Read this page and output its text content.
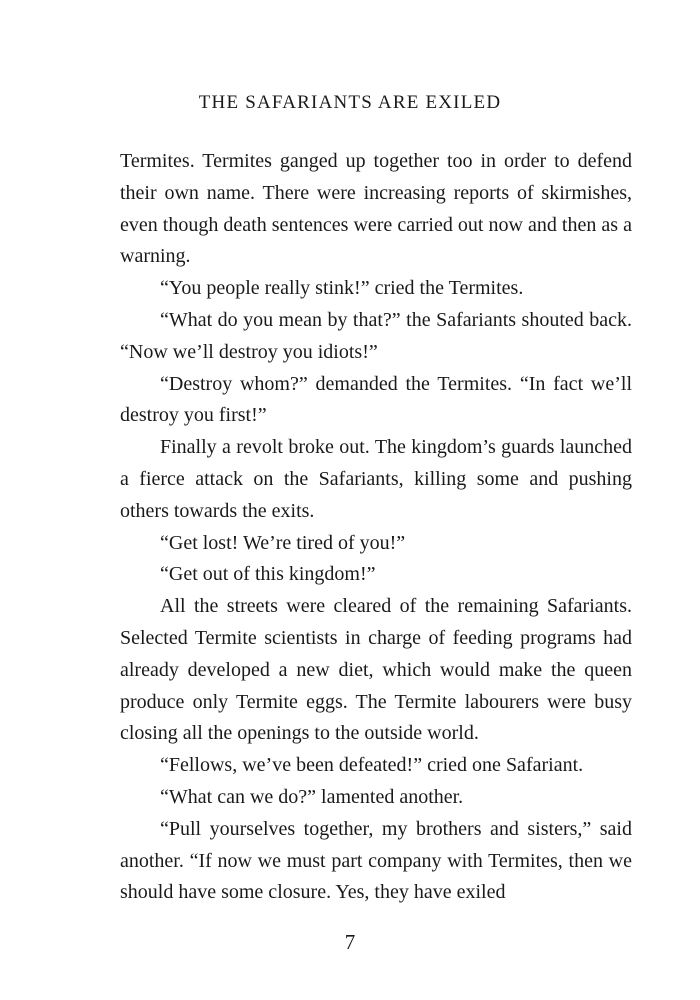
THE SAFARIANTS ARE EXILED

Termites. Termites ganged up together too in order to defend their own name. There were increasing reports of skirmishes, even though death sentences were carried out now and then as a warning.

“You people really stink!” cried the Termites.

“What do you mean by that?” the Safariants shouted back. “Now we’ll destroy you idiots!”

“Destroy whom?” demanded the Termites. “In fact we’ll destroy you first!”

Finally a revolt broke out. The kingdom’s guards launched a fierce attack on the Safariants, killing some and pushing others towards the exits.

“Get lost! We’re tired of you!”

“Get out of this kingdom!”

All the streets were cleared of the remaining Safariants. Selected Termite scientists in charge of feeding programs had already developed a new diet, which would make the queen produce only Termite eggs. The Termite labourers were busy closing all the openings to the outside world.

“Fellows, we’ve been defeated!” cried one Safariant.

“What can we do?” lamented another.

“Pull yourselves together, my brothers and sisters,” said another. “If now we must part company with Termites, then we should have some closure. Yes, they have exiled

7
